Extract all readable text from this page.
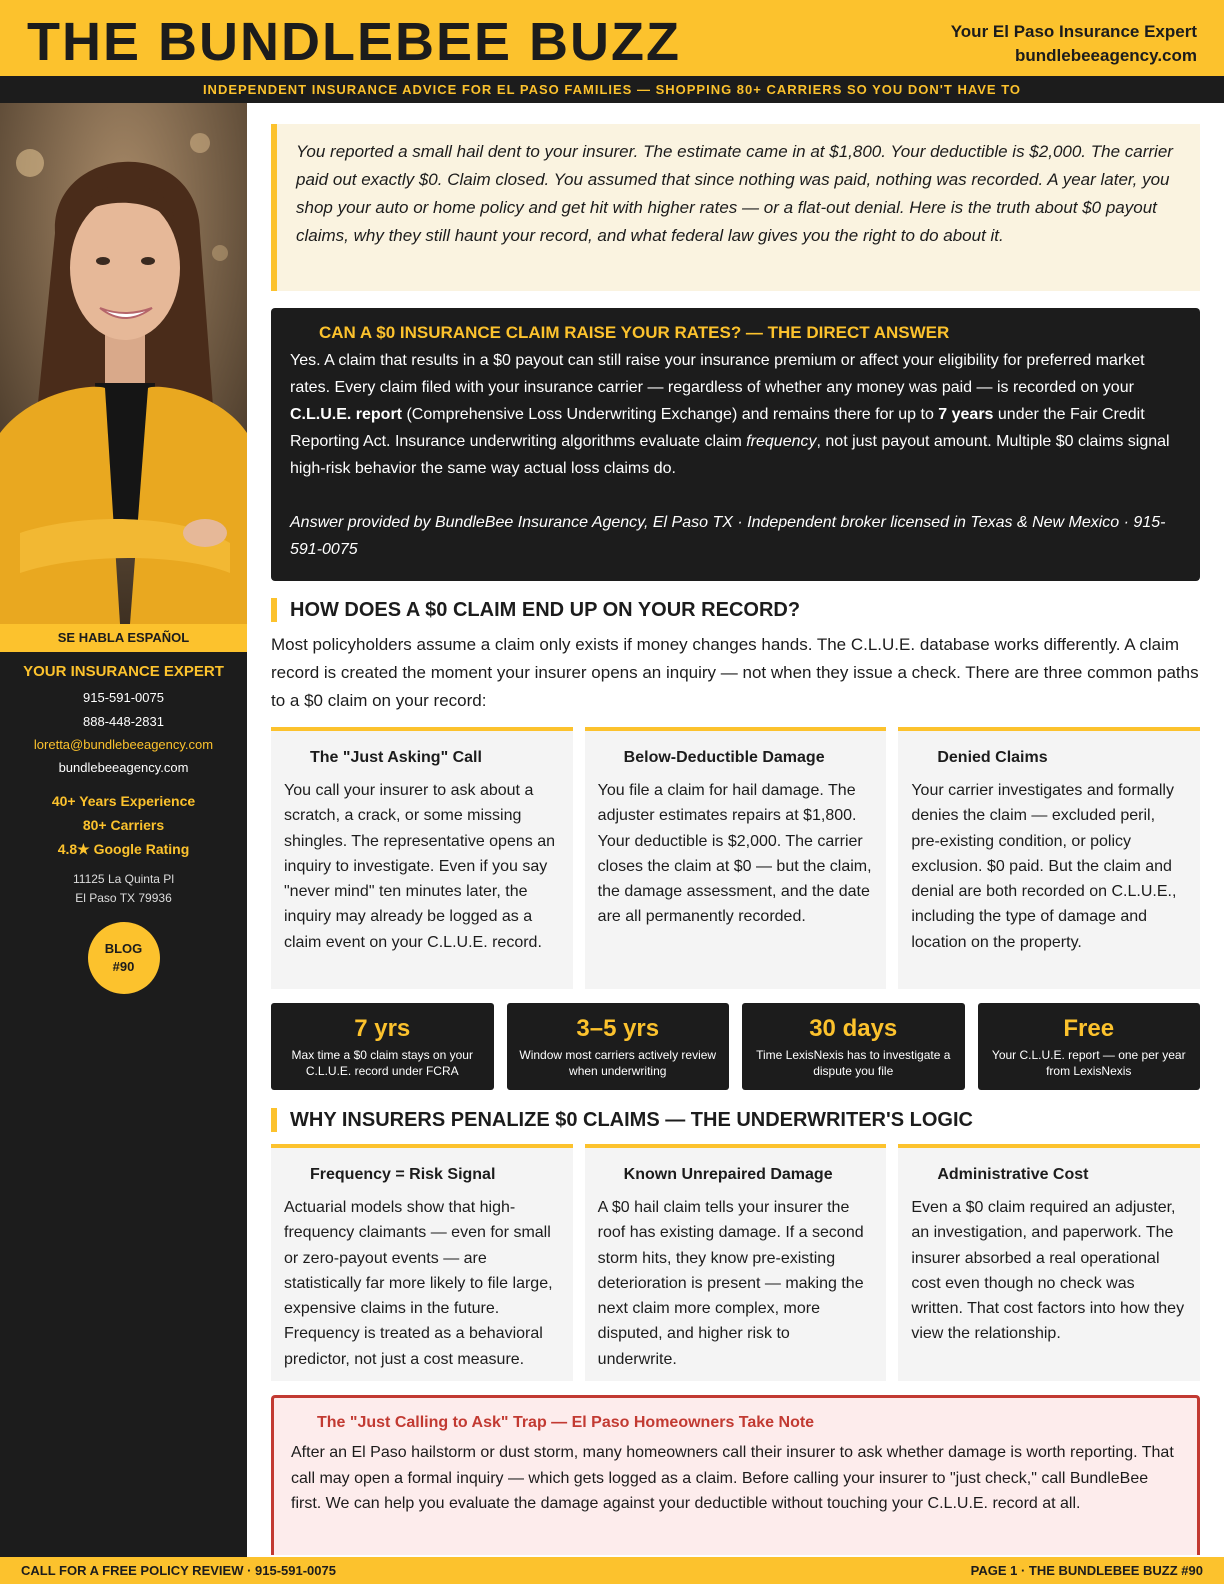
THE BUNDLEBEE BUZZ	Your El Paso Insurance Expert
bundlebeeagency.com
INDEPENDENT INSURANCE ADVICE FOR EL PASO FAMILIES — SHOPPING 80+ CARRIERS SO YOU DON'T HAVE TO
SE HABLA ESPAÑOL
YOUR INSURANCE EXPERT
915-591-0075
888-448-2831
loretta@bundlebeeagency.com
bundlebeeagency.com
40+ Years Experience
80+ Carriers
4.8★ Google Rating
11125 La Quinta Pl
El Paso TX 79936
BLOG
#90
You reported a small hail dent to your insurer. The estimate came in at $1,800. Your deductible is $2,000. The carrier paid out exactly $0. Claim closed. You assumed that since nothing was paid, nothing was recorded. A year later, you shop your auto or home policy and get hit with higher rates — or a flat-out denial. Here is the truth about $0 payout claims, why they still haunt your record, and what federal law gives you the right to do about it.
CAN A $0 INSURANCE CLAIM RAISE YOUR RATES? — THE DIRECT ANSWER
Yes. A claim that results in a $0 payout can still raise your insurance premium or affect your eligibility for preferred market rates. Every claim filed with your insurance carrier — regardless of whether any money was paid — is recorded on your C.L.U.E. report (Comprehensive Loss Underwriting Exchange) and remains there for up to 7 years under the Fair Credit Reporting Act. Insurance underwriting algorithms evaluate claim frequency, not just payout amount. Multiple $0 claims signal high-risk behavior the same way actual loss claims do.
Answer provided by BundleBee Insurance Agency, El Paso TX · Independent broker licensed in Texas & New Mexico · 915-591-0075
HOW DOES A $0 CLAIM END UP ON YOUR RECORD?
Most policyholders assume a claim only exists if money changes hands. The C.L.U.E. database works differently. A claim record is created the moment your insurer opens an inquiry — not when they issue a check. There are three common paths to a $0 claim on your record:
The "Just Asking" Call
You call your insurer to ask about a scratch, a crack, or some missing shingles. The representative opens an inquiry to investigate. Even if you say "never mind" ten minutes later, the inquiry may already be logged as a claim event on your C.L.U.E. record.
Below-Deductible Damage
You file a claim for hail damage. The adjuster estimates repairs at $1,800. Your deductible is $2,000. The carrier closes the claim at $0 — but the claim, the damage assessment, and the date are all permanently recorded.
Denied Claims
Your carrier investigates and formally denies the claim — excluded peril, pre-existing condition, or policy exclusion. $0 paid. But the claim and denial are both recorded on C.L.U.E., including the type of damage and location on the property.
7 yrs
Max time a $0 claim stays on your C.L.U.E. record under FCRA
3–5 yrs
Window most carriers actively review when underwriting
30 days
Time LexisNexis has to investigate a dispute you file
Free
Your C.L.U.E. report — one per year from LexisNexis
WHY INSURERS PENALIZE $0 CLAIMS — THE UNDERWRITER'S LOGIC
Frequency = Risk Signal
Actuarial models show that high-frequency claimants — even for small or zero-payout events — are statistically far more likely to file large, expensive claims in the future. Frequency is treated as a behavioral predictor, not just a cost measure.
Known Unrepaired Damage
A $0 hail claim tells your insurer the roof has existing damage. If a second storm hits, they know pre-existing deterioration is present — making the next claim more complex, more disputed, and higher risk to underwrite.
Administrative Cost
Even a $0 claim required an adjuster, an investigation, and paperwork. The insurer absorbed a real operational cost even though no check was written. That cost factors into how they view the relationship.
The "Just Calling to Ask" Trap — El Paso Homeowners Take Note
After an El Paso hailstorm or dust storm, many homeowners call their insurer to ask whether damage is worth reporting. That call may open a formal inquiry — which gets logged as a claim. Before calling your insurer to "just check," call BundleBee first. We can help you evaluate the damage against your deductible without touching your C.L.U.E. record at all.
CALL FOR A FREE POLICY REVIEW · 915-591-0075	PAGE 1 · THE BUNDLEBEE BUZZ #90
